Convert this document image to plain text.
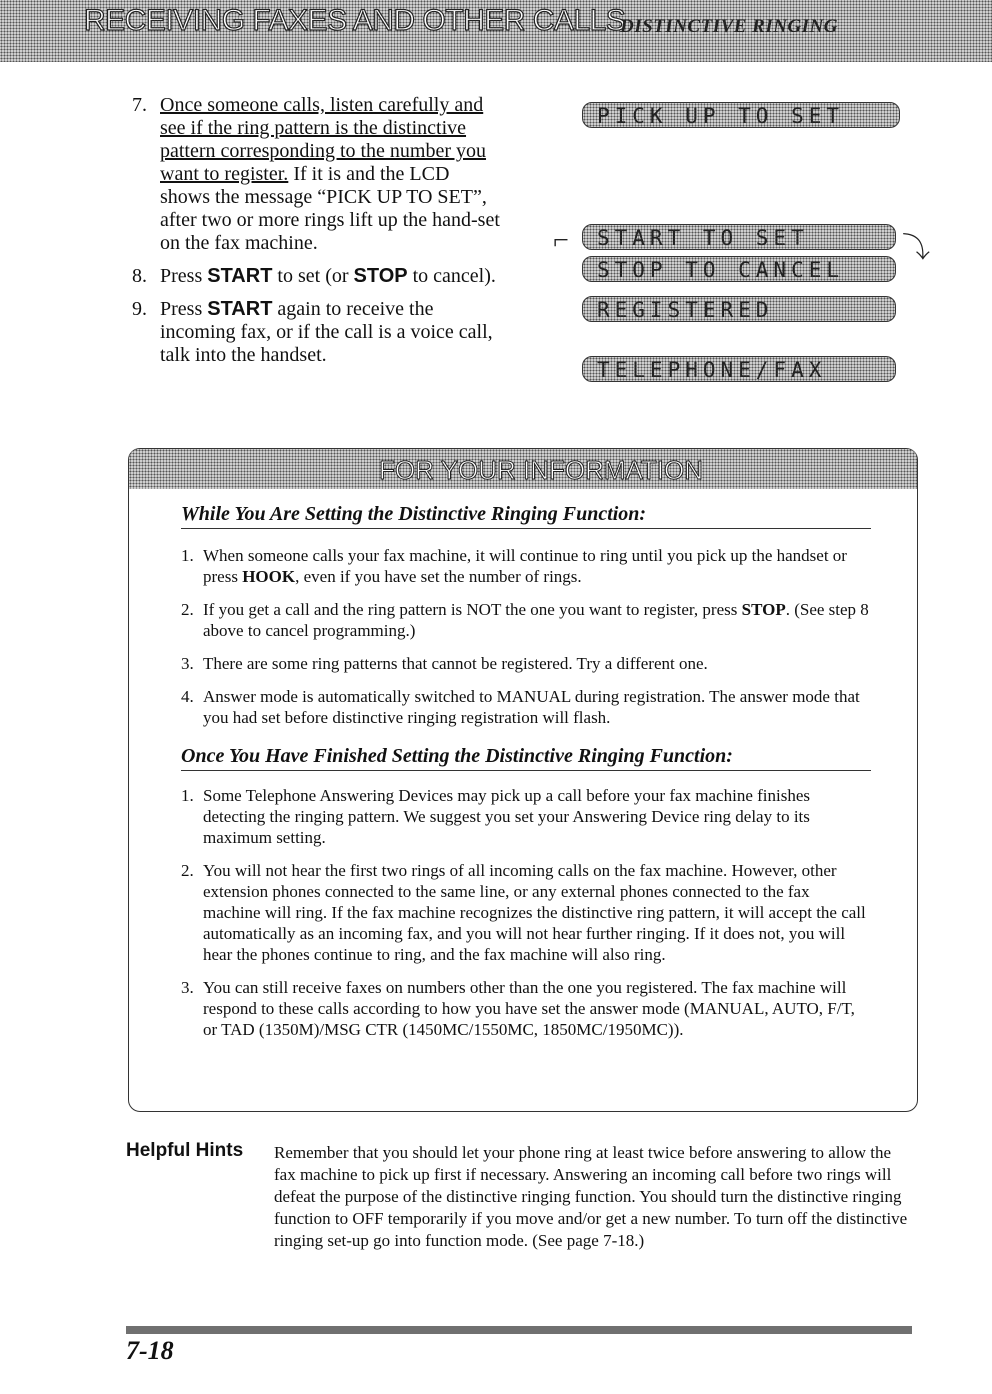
RECEIVING FAXES AND OTHER CALLS
DISTINCTIVE RINGING
7. Once someone calls, listen carefully and see if the ring pattern is the distinctive pattern corresponding to the number you want to register. If it is and the LCD shows the message “PICK UP TO SET”, after two or more rings lift up the hand-set on the fax machine.
8. Press START to set (or STOP to cancel).
9. Press START again to receive the incoming fax, or if the call is a voice call, talk into the handset.
PICK UP TO SET
⌐	START TO SET
STOP TO CANCEL
⤵
REGISTERED
TELEPHONE/FAX
FOR YOUR INFORMATION
While You Are Setting the Distinctive Ringing Function:
1. When someone calls your fax machine, it will continue to ring until you pick up the handset or press HOOK, even if you have set the number of rings.
2. If you get a call and the ring pattern is NOT the one you want to register, press STOP. (See step 8 above to cancel programming.)
3. There are some ring patterns that cannot be registered. Try a different one.
4. Answer mode is automatically switched to MANUAL during registration. The answer mode that you had set before distinctive ringing registration will flash.
Once You Have Finished Setting the Distinctive Ringing Function:
1. Some Telephone Answering Devices may pick up a call before your fax machine finishes detecting the ringing pattern. We suggest you set your Answering Device ring delay to its maximum setting.
2. You will not hear the first two rings of all incoming calls on the fax machine. However, other extension phones connected to the same line, or any external phones connected to the fax machine will ring. If the fax machine recognizes the distinctive ring pattern, it will accept the call automatically as an incoming fax, and you will not hear further ringing. If it does not, you will hear the phones continue to ring, and the fax machine will also ring.
3. You can still receive faxes on numbers other than the one you registered. The fax machine will respond to these calls according to how you have set the answer mode (MANUAL, AUTO, F/T, or TAD (1350M)/MSG CTR (1450MC/1550MC, 1850MC/1950MC)).
Helpful Hints Remember that you should let your phone ring at least twice before answering to allow the fax machine to pick up first if necessary. Answering an incoming call before two rings will defeat the purpose of the distinctive ringing function. You should turn the distinctive ringing function to OFF temporarily if you move and/or get a new number. To turn off the distinctive ringing set-up go into function mode. (See page 7-18.)
7-18
